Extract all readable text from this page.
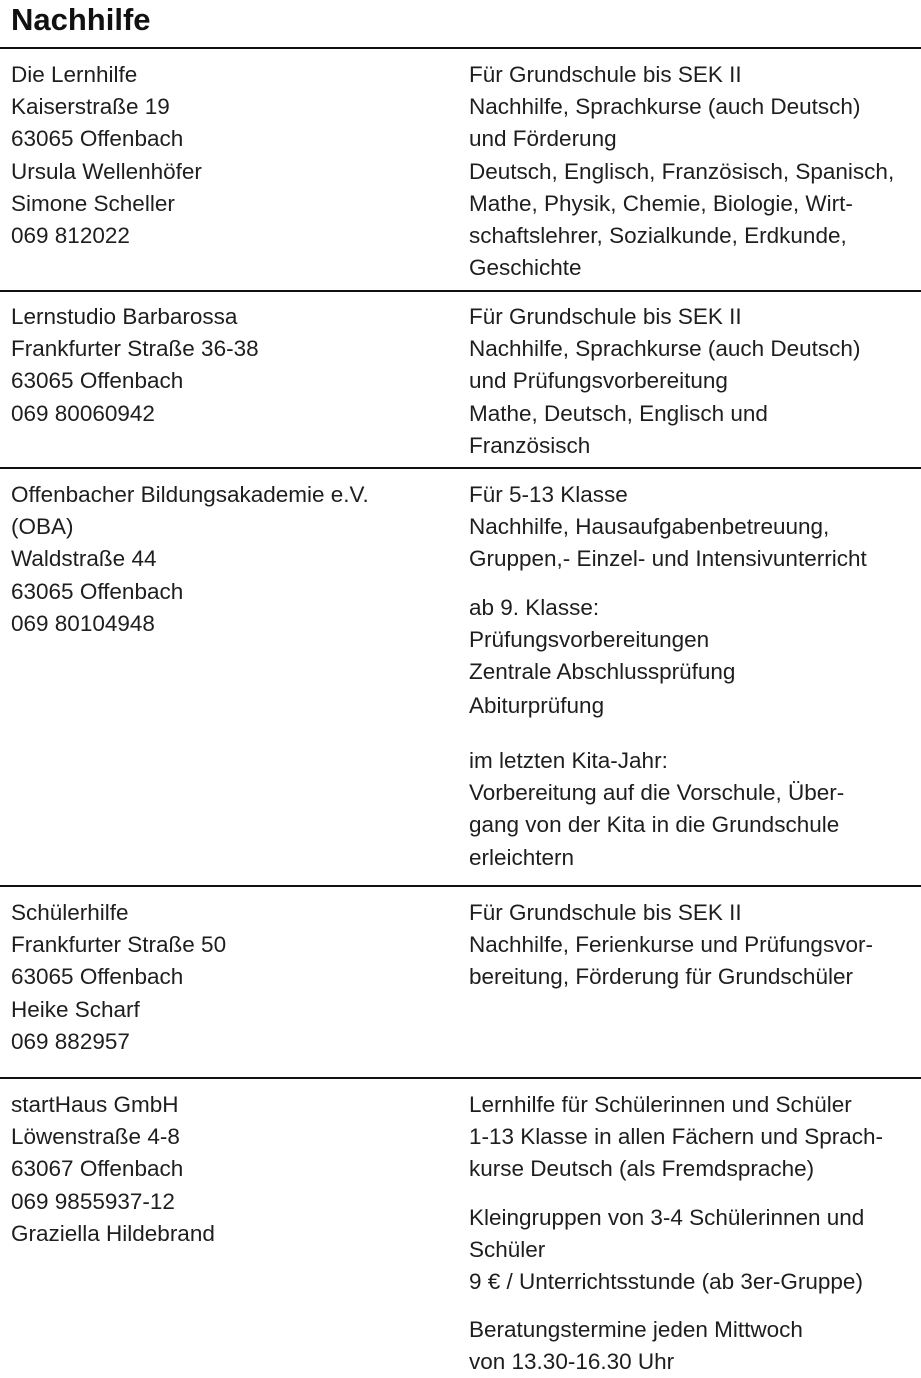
Nachhilfe
Die Lernhilfe
Kaiserstraße 19
63065 Offenbach
Ursula Wellenhöfer
Simone Scheller
069 812022
Für Grundschule bis SEK II
Nachhilfe, Sprachkurse (auch Deutsch)
und Förderung
Deutsch, Englisch, Französisch, Spanisch,
Mathe, Physik, Chemie, Biologie, Wirt-
schaftslehrer, Sozialkunde, Erdkunde,
Geschichte
Lernstudio Barbarossa
Frankfurter Straße 36-38
63065 Offenbach
069 80060942
Für Grundschule bis SEK II
Nachhilfe, Sprachkurse (auch Deutsch)
und Prüfungsvorbereitung
Mathe, Deutsch, Englisch und
Französisch
Offenbacher Bildungsakademie e.V.
(OBA)
Waldstraße 44
63065 Offenbach
069 80104948
Für 5-13 Klasse
Nachhilfe, Hausaufgabenbetreuung,
Gruppen,- Einzel- und Intensivunterricht
ab 9. Klasse:
Prüfungsvorbereitungen
Zentrale Abschlussprüfung
Abiturprüfung
im letzten Kita-Jahr:
Vorbereitung auf die Vorschule, Über-
gang von der Kita in die Grundschule
erleichtern
Schülerhilfe
Frankfurter Straße 50
63065 Offenbach
Heike Scharf
069 882957
Für Grundschule bis SEK II
Nachhilfe, Ferienkurse und Prüfungsvor-
bereitung, Förderung für Grundschüler
startHaus GmbH
Löwenstraße 4-8
63067 Offenbach
069 9855937-12
Graziella Hildebrand
Lernhilfe für Schülerinnen und Schüler
1-13 Klasse in allen Fächern und Sprach-
kurse Deutsch (als Fremdsprache)
Kleingruppen von 3-4 Schülerinnen und
Schüler
9 € / Unterrichtsstunde (ab 3er-Gruppe)
Beratungstermine jeden Mittwoch
von 13.30-16.30 Uhr
